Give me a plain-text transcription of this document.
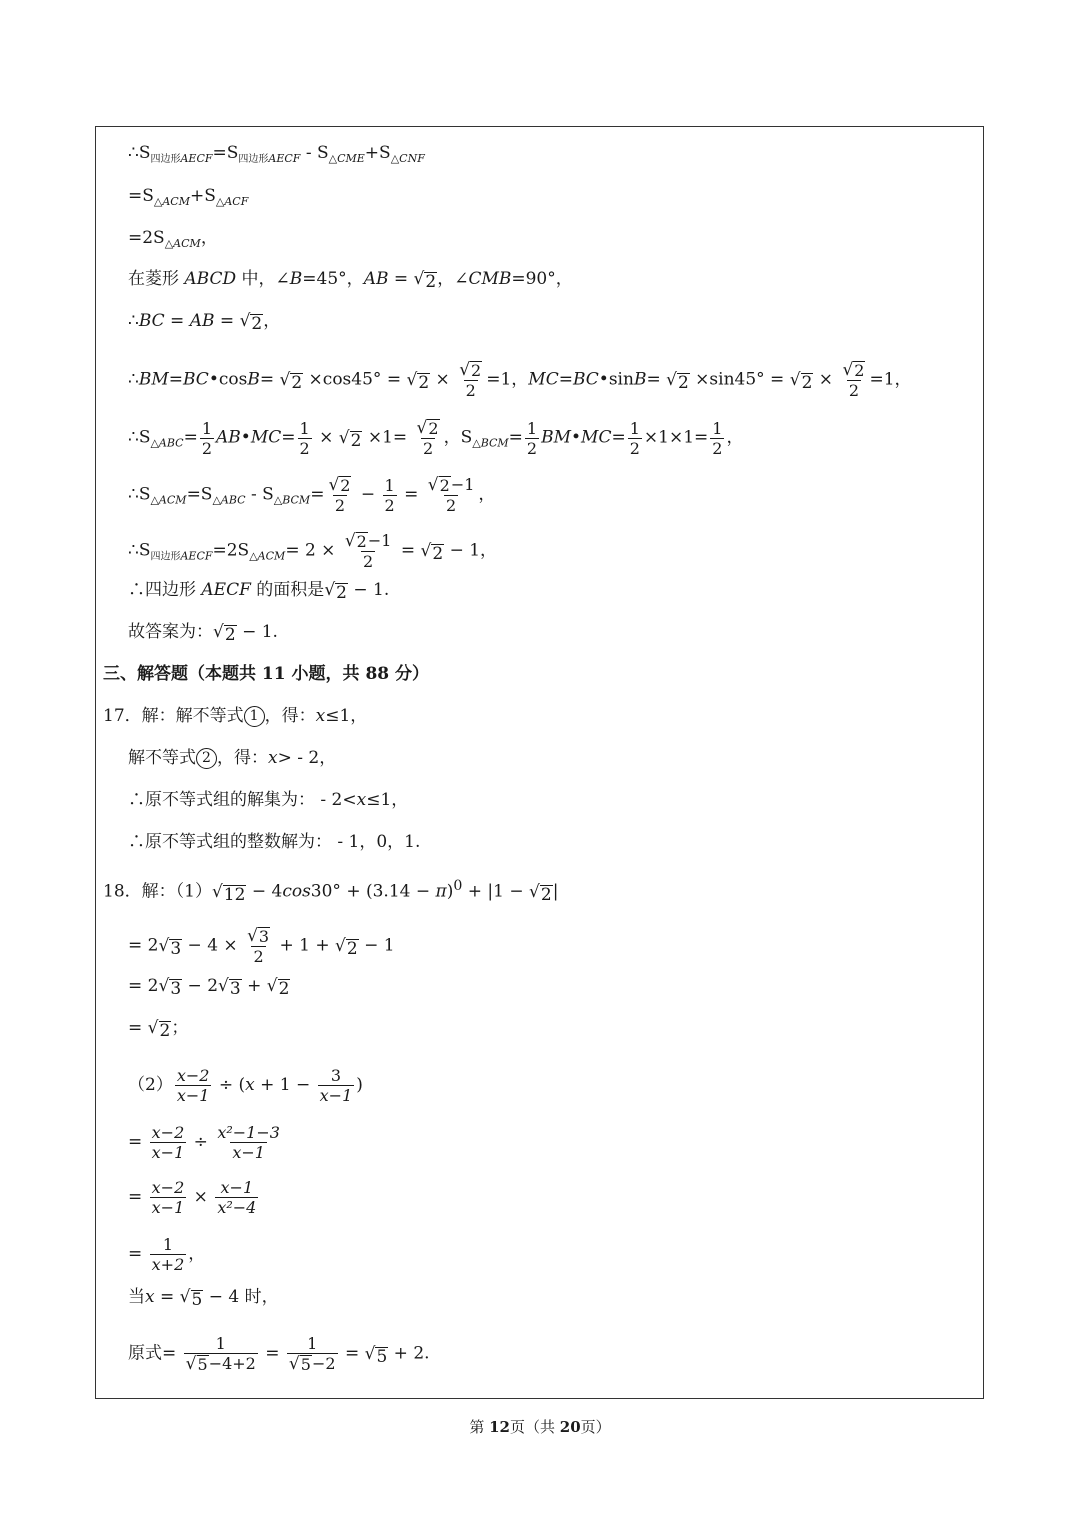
$\therefore S_{四边形AECF}=S_{四边形AECF} - S_{\triangle CME}+S_{\triangle CNF}$
$=S_{\triangle ACM}+S_{\triangle ACF}$
$=2S_{\triangle ACM}$，
在菱形 ABCD 中，∠B=45°，AB = √ 2 ，∠CMB=90°，
∴BC = AB = √ 2 ，
∴BM=BC•cosB= √ 2 ×cos45° = √ $2 \times \frac{√ 2}{2} =1$，MC=BC•sinB= √ 2 ×sin45° = √ $2 \times \frac{√ 2}{2} =1$，
$\therefore S_{\triangle ABC}= \frac{1}{2}$ AB•MC= $\frac{1}{2}$ × √ $2 \times 1= \frac{√ 2}{2}$ ，$S_{\triangle BCM}= \frac{1}{2}$ BM•MC= $\frac{1}{2} \times 1\times 1= \frac{1}{2}$ ，
$\therefore S_{\triangle ACM}=S_{\triangle ABC} - S_{\triangle BCM}= \frac{√ 2}{2} - \frac{1}{2} = \frac{√ 2 -1}{2}$ ，
$\therefore S_{四边形AECF}=2S_{\triangle ACM}= 2 \times \frac{√ 2 -1}{2}$ = √ 2 − 1，
∴四边形 AECF 的面积是 √ 2 − 1.
故答案为： √ 2 − 1.
三、解答题（本题共 11 小题，共 88 分）
17．解：解不等式 1 ，得：x≤1，
解不等式 2 ，得：x> - 2，
∴原不等式组的解集为： - 2<x≤1，
∴原不等式组的整数解为： - 1，0，1.
18．解：（1） √ $12 - 4\cos 30^\circ + (3.14 - \pi)^0 + |1$ − √ 2 |
= 2 √ $3 - 4 \times \frac{√ 3}{2} + 1$ + √ 2 − 1
= 2 √ 3 − 2 √ 3 + √ 2
= √ 2 ；
$(2) \frac{x-2}{x-1} \div (x + 1 - \frac{3}{x-1}$ )
= $\frac{x-2}{x-1} \div \frac{\text{x²−1−3}}{x-1}$
= $\frac{x-2}{x-1} \times \frac{x-1}{\text{x²−4}}$
= $\frac{1}{x+2}$ ，
当x = √ 5 − 4 时，
原式= $\frac{1}{√ 5 -4+2} = \frac{1}{√ 5 -2}$ = √ 5 + 2.
第 12页（共 20页）
